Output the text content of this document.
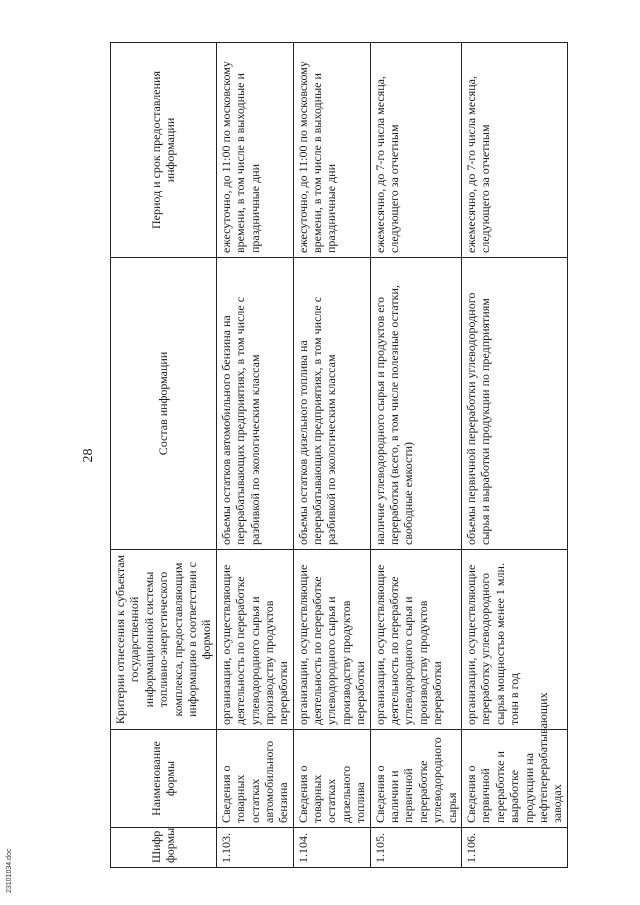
28
Шифр формы	Наименование формы	Критерии отнесения к субъектам государственной информационной системы топливно-энергетического комплекса, предоставляющим информацию в соответствии с формой	Состав информации	Период и срок предоставления информации
1.103.	Сведения о товарных остатках автомобильного бензина	организации, осуществляющие деятельность по переработке углеводородного сырья и производству продуктов переработки	объемы остатков автомобильного бензина на перерабатывающих предприятиях, в том числе с разбивкой по экологическим классам	ежесуточно, до 11:00 по московскому времени, в том числе в выходные и праздничные дни
1.104.	Сведения о товарных остатках дизельного топлива	организации, осуществляющие деятельность по переработке углеводородного сырья и производству продуктов переработки	объемы остатков дизельного топлива на перерабатывающих предприятиях, в том числе с разбивкой по экологическим классам	ежесуточно, до 11:00 по московскому времени, в том числе в выходные и праздничные дни
1.105.	Сведения о наличии и первичной переработке углеводородного сырья	организации, осуществляющие деятельность по переработке углеводородного сырья и производству продуктов переработки	наличие углеводородного сырья и продуктов его переработки (всего, в том числе полезные остатки, свободные емкости)	ежемесячно, до 7-го числа месяца, следующего за отчетным
1.106.	Сведения о первичной переработке и выработке продукции на нефтеперерабатывающих заводах	организации, осуществляющие переработку углеводородного сырья мощностью менее 1 млн. тонн в год	объемы первичной переработки углеводородного сырья и выработки продукции по предприятиям	ежемесячно, до 7-го числа месяца, следующего за отчетным
23101034.doc
